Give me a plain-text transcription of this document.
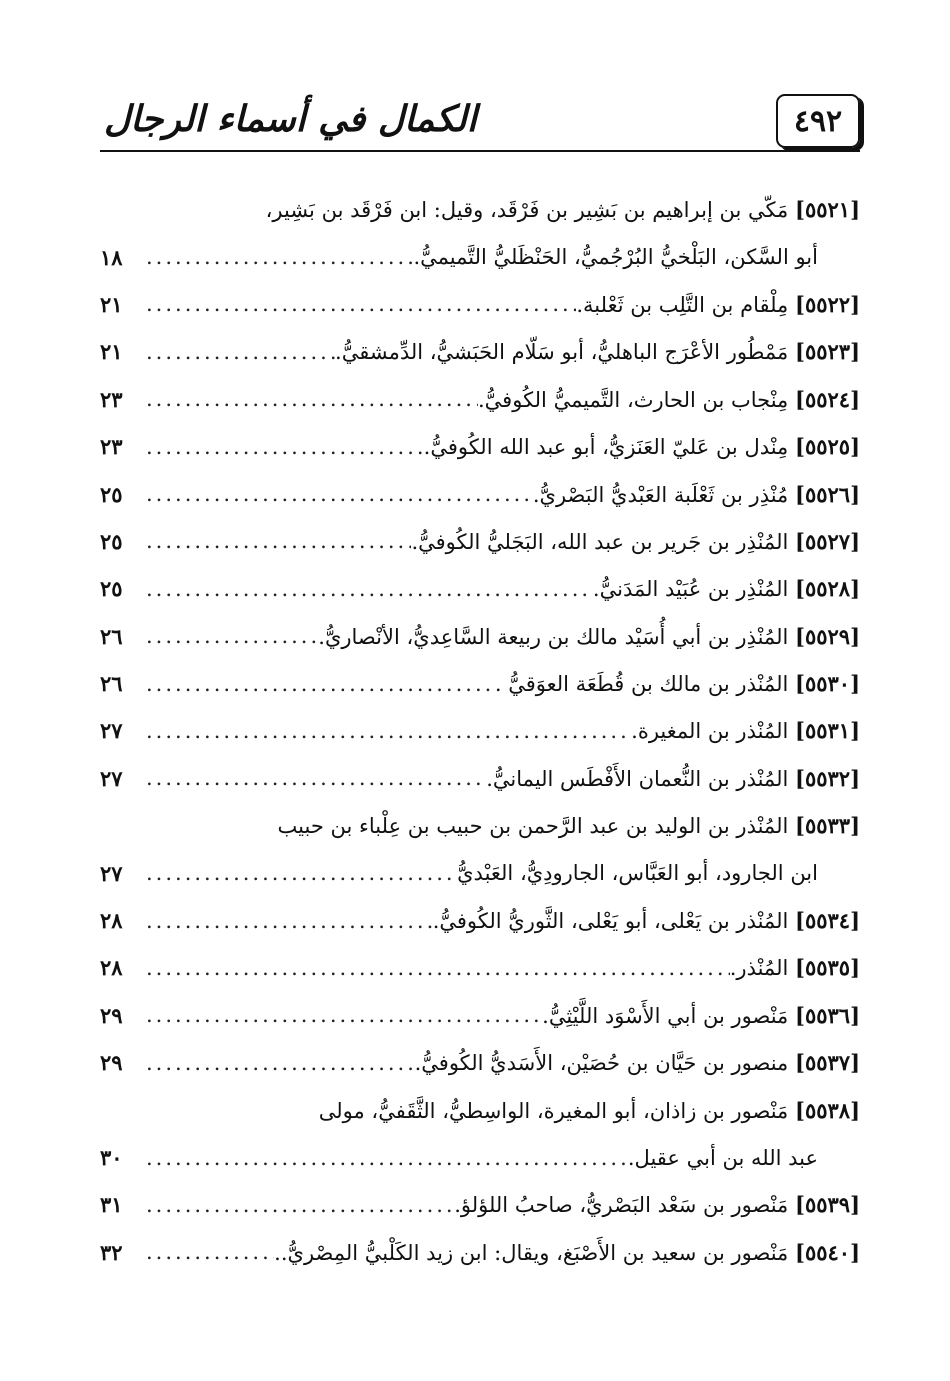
٤٩٢
الكمال في أسماء الرجال
[٥٥٢١] مَكّي بن إبراهيم بن بَشِير بن فَرْقَد، وقيل: ابن فَرْقَد بن بَشِير،
أبو السَّكن، البَلْخيُّ البُرْجُميُّ، الحَنْظَليُّ التَّميميُّ.
.....
١٨
[٥٥٢٢] مِلْقام بن التَّلِب بن ثَعْلبة.
.....
٢١
[٥٥٢٣] مَمْطُور الأعْرَج الباهليُّ، أبو سَلّام الحَبَشيُّ، الدِّمشقيُّ.
.....
٢١
[٥٥٢٤] مِنْجاب بن الحارث، التَّميميُّ الكُوفيُّ.
.....
٢٣
[٥٥٢٥] مِنْدل بن عَليّ العَنَزيُّ، أبو عبد الله الكُوفيُّ.
.....
٢٣
[٥٥٢٦] مُنْذِر بن ثَعْلَبة العَبْديُّ البَصْريُّ.
.....
٢٥
[٥٥٢٧] المُنْذِر بن جَرير بن عبد الله، البَجَليُّ الكُوفيُّ.
.....
٢٥
[٥٥٢٨] المُنْذِر بن عُبَيْد المَدَنيُّ.
.....
٢٥
[٥٥٢٩] المُنْذِر بن أبي أُسَيْد مالك بن ربيعة السَّاعِديُّ، الأنْصاريُّ.
.....
٢٦
[٥٥٣٠] المُنْذر بن مالك بن قُطَعَة العوَقيُّ .
.....
٢٦
[٥٥٣١] المُنْذر بن المغيرة.
.....
٢٧
[٥٥٣٢] المُنْذر بن النُّعمان الأَفْطَس اليمانيُّ.
.....
٢٧
[٥٥٣٣] المُنْذر بن الوليد بن عبد الرَّحمن بن حبيب بن عِلْباء بن حبيب
ابن الجارود، أبو العَبَّاس، الجارودِيُّ، العَبْديُّ
.....
٢٧
[٥٥٣٤] المُنْذر بن يَعْلى، أبو يَعْلى، الثَّوريُّ الكُوفيُّ.
.....
٢٨
[٥٥٣٥] المُنْذر.
.....
٢٨
[٥٥٣٦] مَنْصور بن أبي الأَسْوَد اللَّيْثِيُّ.
.....
٢٩
[٥٥٣٧] منصور بن حَيَّان بن حُصَيْن، الأَسَديُّ الكُوفيُّ.
.....
٢٩
[٥٥٣٨] مَنْصور بن زاذان، أبو المغيرة، الواسِطيُّ، الثَّقَفيُّ، مولى
عبد الله بن أبي عقيل.
.....
٣٠
[٥٥٣٩] مَنْصور بن سَعْد البَصْريُّ، صاحبُ اللؤلؤ.
.....
٣١
[٥٥٤٠] مَنْصور بن سعيد بن الأَصْبَغ، ويقال: ابن زيد الكَلْبيُّ المِصْريُّ..
.....
٣٢
